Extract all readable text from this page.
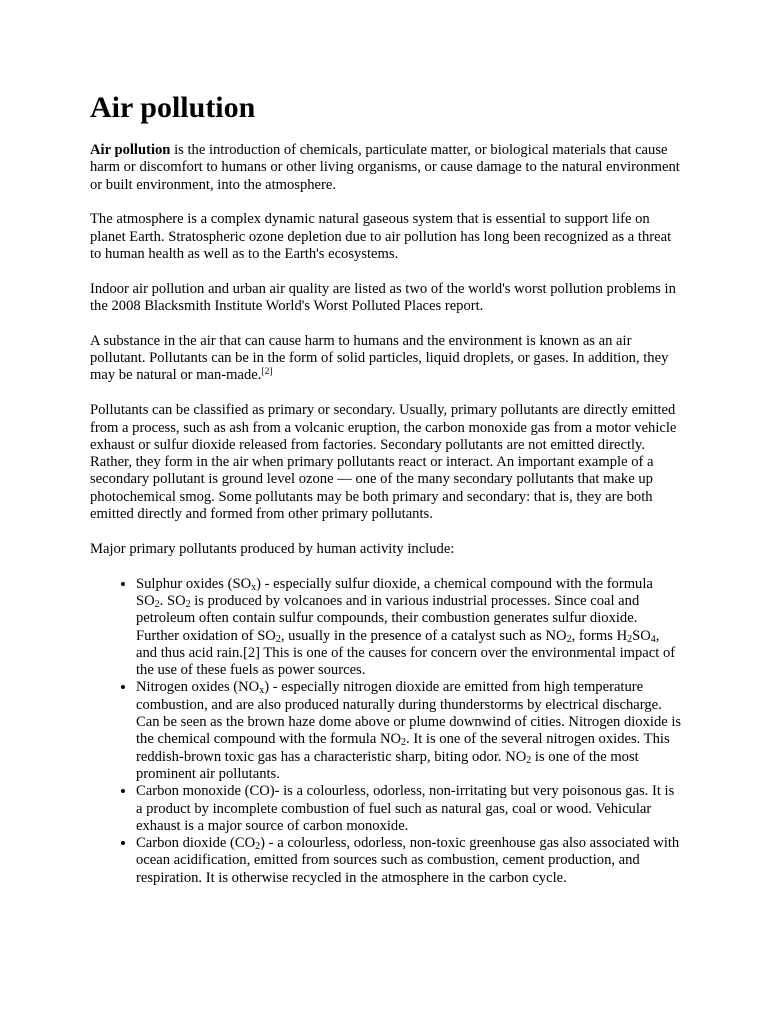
Air pollution

Air pollution is the introduction of chemicals, particulate matter, or biological materials that cause harm or discomfort to humans or other living organisms, or cause damage to the natural environment or built environment, into the atmosphere.

The atmosphere is a complex dynamic natural gaseous system that is essential to support life on planet Earth. Stratospheric ozone depletion due to air pollution has long been recognized as a threat to human health as well as to the Earth's ecosystems.

Indoor air pollution and urban air quality are listed as two of the world's worst pollution problems in the 2008 Blacksmith Institute World's Worst Polluted Places report.

A substance in the air that can cause harm to humans and the environment is known as an air pollutant. Pollutants can be in the form of solid particles, liquid droplets, or gases. In addition, they may be natural or man-made.[2]

Pollutants can be classified as primary or secondary. Usually, primary pollutants are directly emitted from a process, such as ash from a volcanic eruption, the carbon monoxide gas from a motor vehicle exhaust or sulfur dioxide released from factories. Secondary pollutants are not emitted directly. Rather, they form in the air when primary pollutants react or interact. An important example of a secondary pollutant is ground level ozone — one of the many secondary pollutants that make up photochemical smog. Some pollutants may be both primary and secondary: that is, they are both emitted directly and formed from other primary pollutants.

Major primary pollutants produced by human activity include:

• Sulphur oxides $(SO_x)$ - especially sulfur dioxide, a chemical compound with the formula $SO_2$. $SO_2$ is produced by volcanoes and in various industrial processes. Since coal and petroleum often contain sulfur compounds, their combustion generates sulfur dioxide. Further oxidation of $SO_2$, usually in the presence of a catalyst such as $NO_2$, forms $H_2SO_4$, and thus acid rain.[2] This is one of the causes for concern over the environmental impact of the use of these fuels as power sources.
• Nitrogen oxides $(NO_x)$ - especially nitrogen dioxide are emitted from high temperature combustion, and are also produced naturally during thunderstorms by electrical discharge. Can be seen as the brown haze dome above or plume downwind of cities. Nitrogen dioxide is the chemical compound with the formula $NO_2$. It is one of the several nitrogen oxides. This reddish-brown toxic gas has a characteristic sharp, biting odor. $NO_2$ is one of the most prominent air pollutants.
• Carbon monoxide (CO)- is a colourless, odorless, non-irritating but very poisonous gas. It is a product by incomplete combustion of fuel such as natural gas, coal or wood. Vehicular exhaust is a major source of carbon monoxide.
• Carbon dioxide $(CO_2)$ - a colourless, odorless, non-toxic greenhouse gas also associated with ocean acidification, emitted from sources such as combustion, cement production, and respiration. It is otherwise recycled in the atmosphere in the carbon cycle.
